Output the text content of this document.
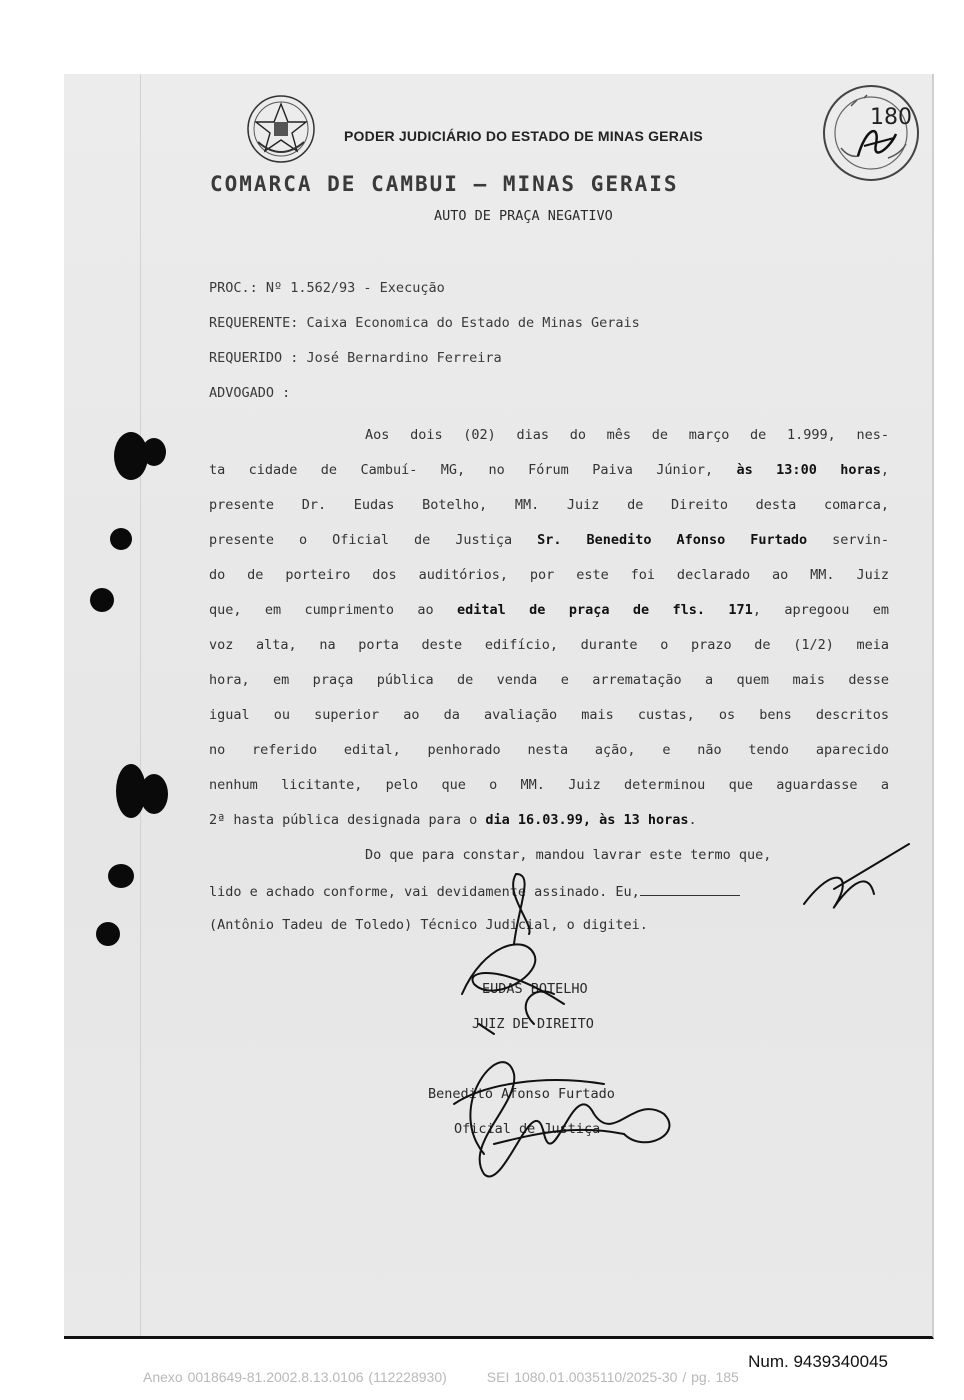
PODER JUDICIÁRIO DO ESTADO DE MINAS GERAIS
COMARCA DE CAMBUI — MINAS GERAIS
AUTO DE PRAÇA NEGATIVO
180
PROC.: Nº 1.562/93 - Execução
REQUERENTE: Caixa Economica do Estado de Minas Gerais
REQUERIDO : José Bernardino Ferreira
ADVOGADO :
Aos dois (02) dias do mês de março de 1.999, nes-
ta cidade de Cambuí- MG, no Fórum Paiva Júnior, às 13:00 horas,
presente Dr. Eudas Botelho, MM. Juiz de Direito desta comarca,
presente o Oficial de Justiça Sr. Benedito Afonso Furtado servin-
do de porteiro dos auditórios, por este foi declarado ao MM. Juiz
que, em cumprimento ao edital de praça de fls. 171, apregoou em
voz alta, na porta deste edifício, durante o prazo de (1/2) meia
hora, em praça pública de venda e arrematação a quem mais desse
igual ou superior ao da avaliação mais custas, os bens descritos
no referido edital, penhorado nesta ação, e não tendo aparecido
nenhum licitante, pelo que o MM. Juiz determinou que aguardasse a
2ª hasta pública designada para o dia 16.03.99, às 13 horas.
Do que para constar, mandou lavrar este termo que,
lido e achado conforme, vai devidamente assinado. Eu,
(Antônio Tadeu de Toledo) Técnico Judicial, o digitei.
EUDAS BOTELHO
JUIZ DE DIREITO
Benedito Afonso Furtado
Oficial de Justiça
Num. 9439340045
Anexo 0018649-81.2002.8.13.0106 (112228930)	SEI 1080.01.0035110/2025-30 / pg. 185
